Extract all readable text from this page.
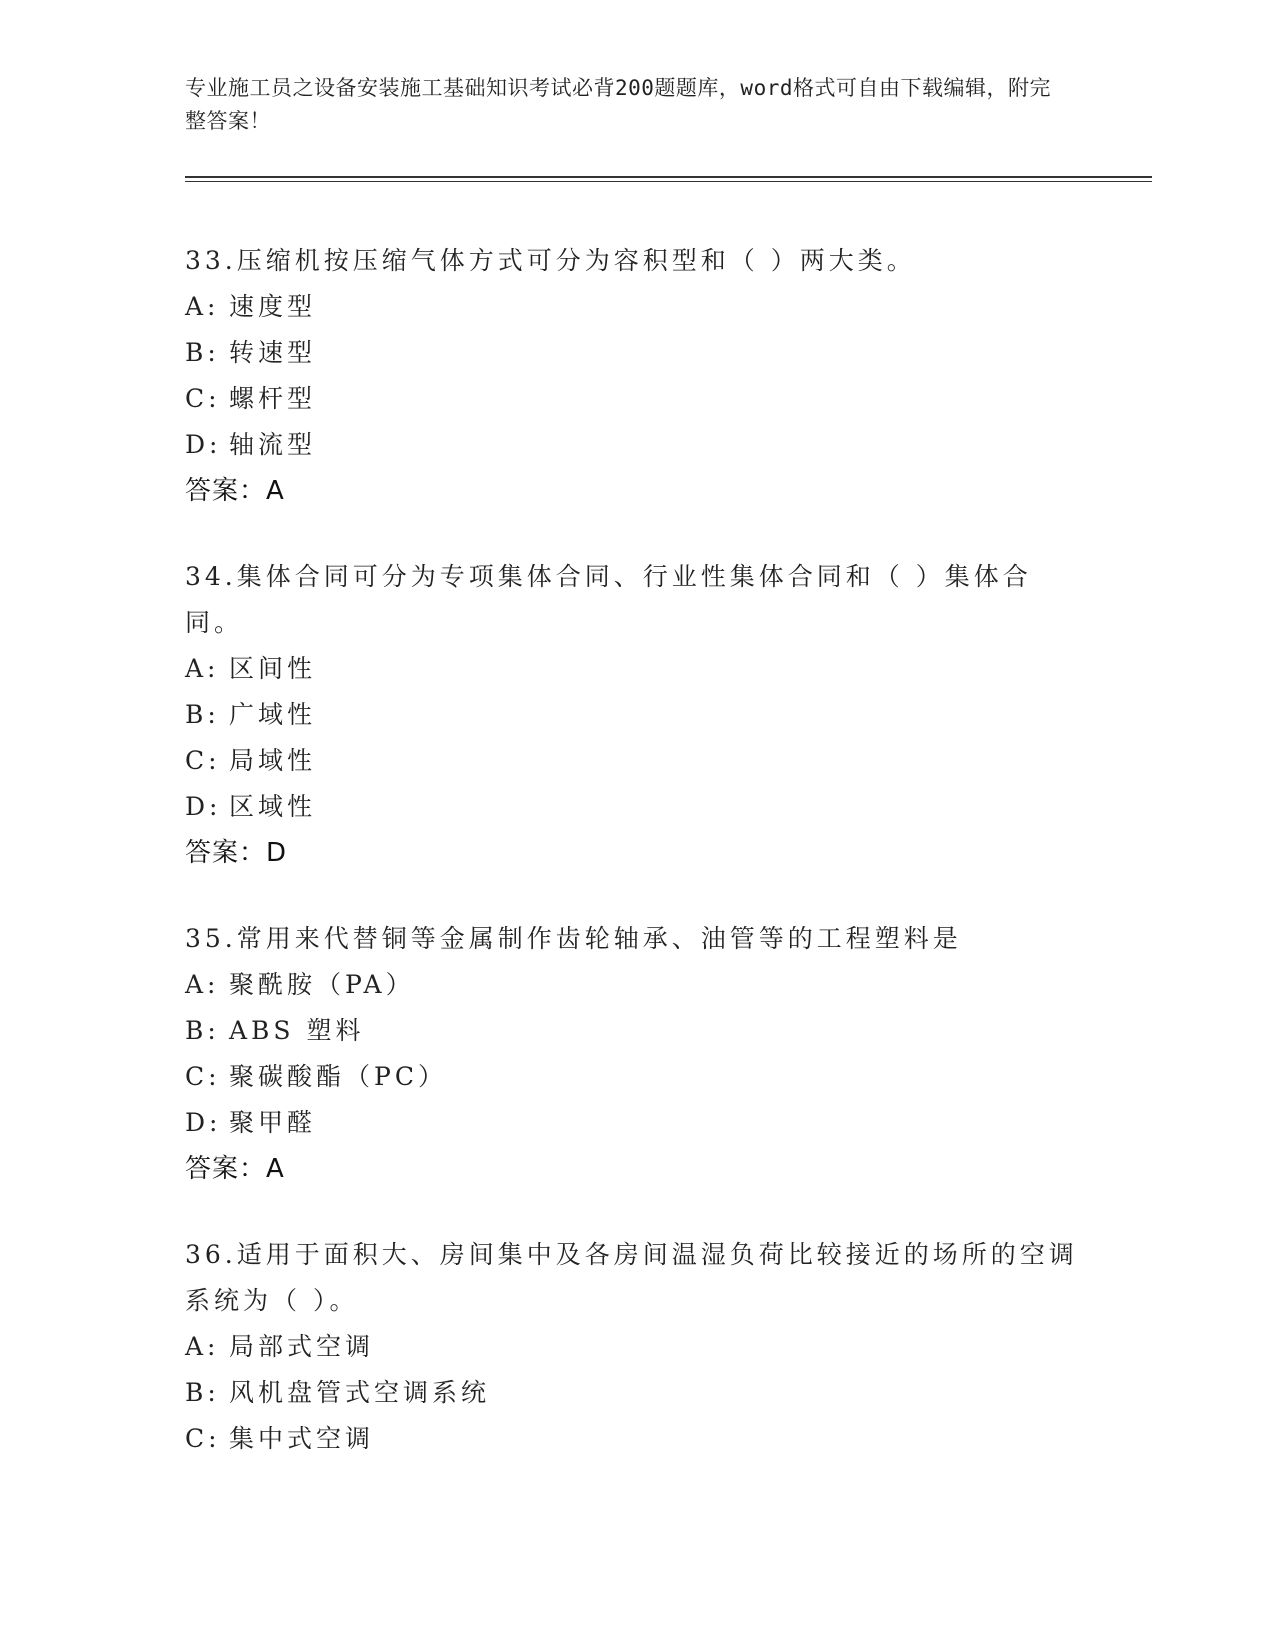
专业施工员之设备安装施工基础知识考试必背200题题库，word格式可自由下载编辑，附完整答案！

33.压缩机按压缩气体方式可分为容积型和（ ）两大类。

A: 速度型
B: 转速型
C: 螺杆型
D: 轴流型
答案：A

34.集体合同可分为专项集体合同、行业性集体合同和（ ）集体合同。

A: 区间性
B: 广域性
C: 局域性
D: 区域性
答案：D

35.常用来代替铜等金属制作齿轮轴承、油管等的工程塑料是

A: 聚酰胺（PA）
B: ABS 塑料
C: 聚碳酸酯（PC）
D: 聚甲醛
答案：A

36.适用于面积大、房间集中及各房间温湿负荷比较接近的场所的空调系统为（ ）。

A: 局部式空调
B: 风机盘管式空调系统
C: 集中式空调
